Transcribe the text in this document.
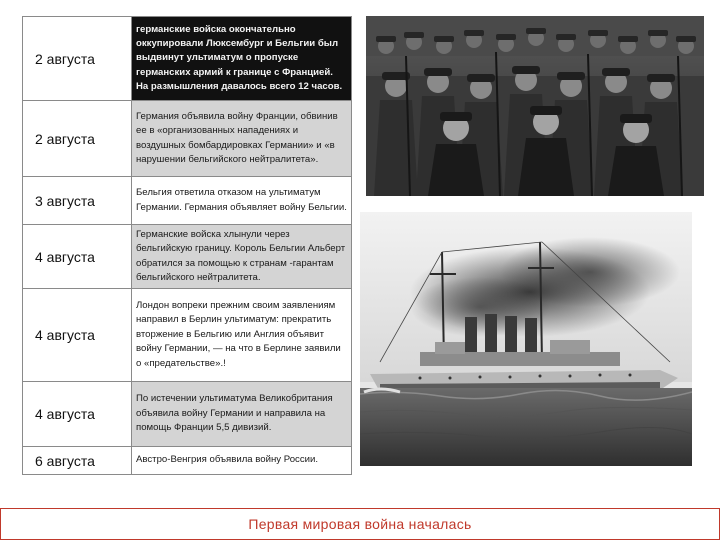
2 августа	германские войска окончательно оккупировали Люксембург и Бельгии был выдвинут ультиматум о пропуске германских армий к границе с Францией. На размышления давалось всего 12 часов.
2 августа	Германия объявила войну Франции, обвинив ее в «организованных нападениях и воздушных бомбардировках Германии» и «в нарушении бельгийского нейтралитета».
3 августа	Бельгия ответила отказом на ультиматум Германии. Германия объявляет войну Бельгии.
4 августа	Германские войска хлынули через бельгийскую границу. Король Бельгии Альберт обратился за помощью к странам -гарантам бельгийского нейтралитета.
4 августа	Лондон вопреки прежним своим заявлениям направил в Берлин ультиматум: прекратить вторжение в Бельгию или Англия объявит войну Германии, — на что в Берлине заявили о «предательстве».!
4 августа	По истечении ультиматума Великобритания объявила войну Германии и направила на помощь Франции 5,5 дивизий.
6 августа	Австро-Венгрия объявила войну России.
Первая мировая война началась
